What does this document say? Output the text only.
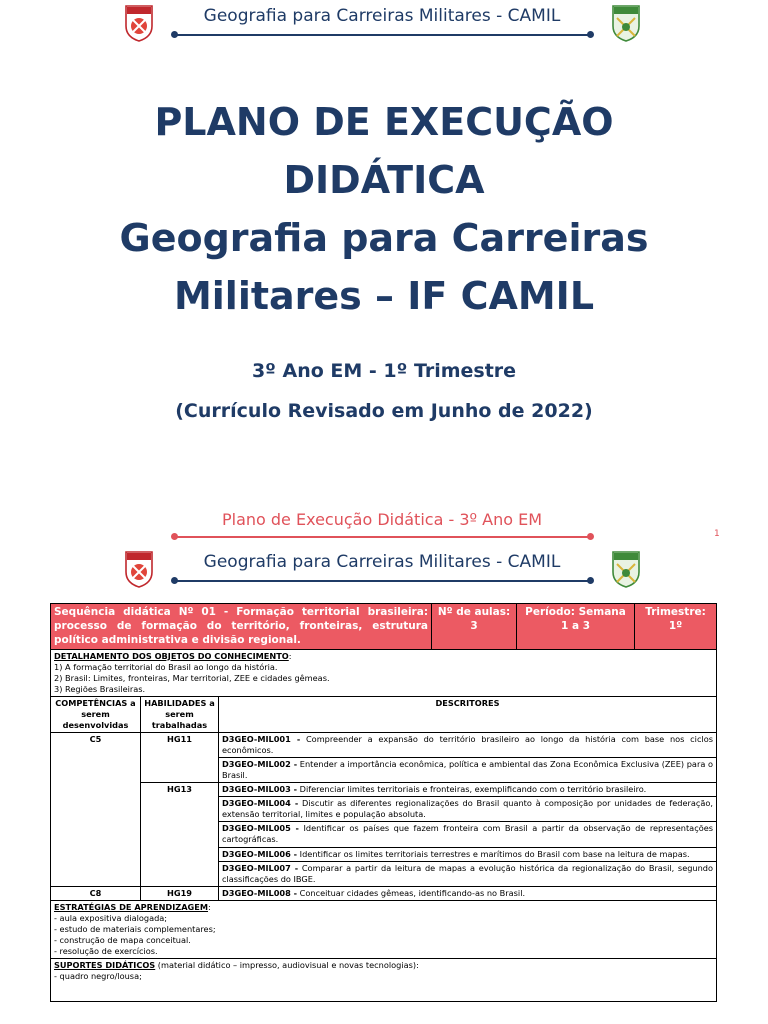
Geografia para Carreiras Militares - CAMIL
PLANO DE EXECUÇÃO
DIDÁTICA
Geografia para Carreiras
Militares – IF CAMIL
3º Ano EM - 1º Trimestre
(Currículo Revisado em Junho de 2022)
Plano de Execução Didática - 3º Ano EM
1
Geografia para Carreiras Militares - CAMIL
Sequência didática Nº 01 - Formação territorial brasileira: processo de formação do território, fronteiras, estrutura político administrativa e divisão regional.			Nº de aulas: 3	Período: Semana 1 a 3	Trimestre: 1º
DETALHAMENTO DOS OBJETOS DO CONHECIMENTO:
1) A formação territorial do Brasil ao longo da história.
2) Brasil: Limites, fronteiras, Mar territorial, ZEE e cidades gêmeas.
3) Regiões Brasileiras.					
COMPETÊNCIAS a serem desenvolvidas	HABILIDADES a serem trabalhadas	DESCRITORES			
C5	HG11	D3GEO-MIL001 - Compreender a expansão do território brasileiro ao longo da história com base nos ciclos econômicos.			
		D3GEO-MIL002 - Entender a importância econômica, política e ambiental das Zona Econômica Exclusiva (ZEE) para o Brasil.			
	HG13	D3GEO-MIL003 - Diferenciar limites territoriais e fronteiras, exemplificando com o território brasileiro.			
		D3GEO-MIL004 - Discutir as diferentes regionalizações do Brasil quanto à composição por unidades de federação, extensão territorial, limites e população absoluta.			
		D3GEO-MIL005 - Identificar os países que fazem fronteira com Brasil a partir da observação de representações cartográficas.			
		D3GEO-MIL006 - Identificar os limites territoriais terrestres e marítimos do Brasil com base na leitura de mapas.			
		D3GEO-MIL007 - Comparar a partir da leitura de mapas a evolução histórica da regionalização do Brasil, segundo classificações do IBGE.			
C8	HG19	D3GEO-MIL008 - Conceituar cidades gêmeas, identificando-as no Brasil.			
ESTRATÉGIAS DE APRENDIZAGEM:
- aula expositiva dialogada;
- estudo de materiais complementares;
- construção de mapa conceitual.
- resolução de exercícios.					
SUPORTES DIDÁTICOS (material didático – impresso, audiovisual e novas tecnologias):
- quadro negro/lousa;					
